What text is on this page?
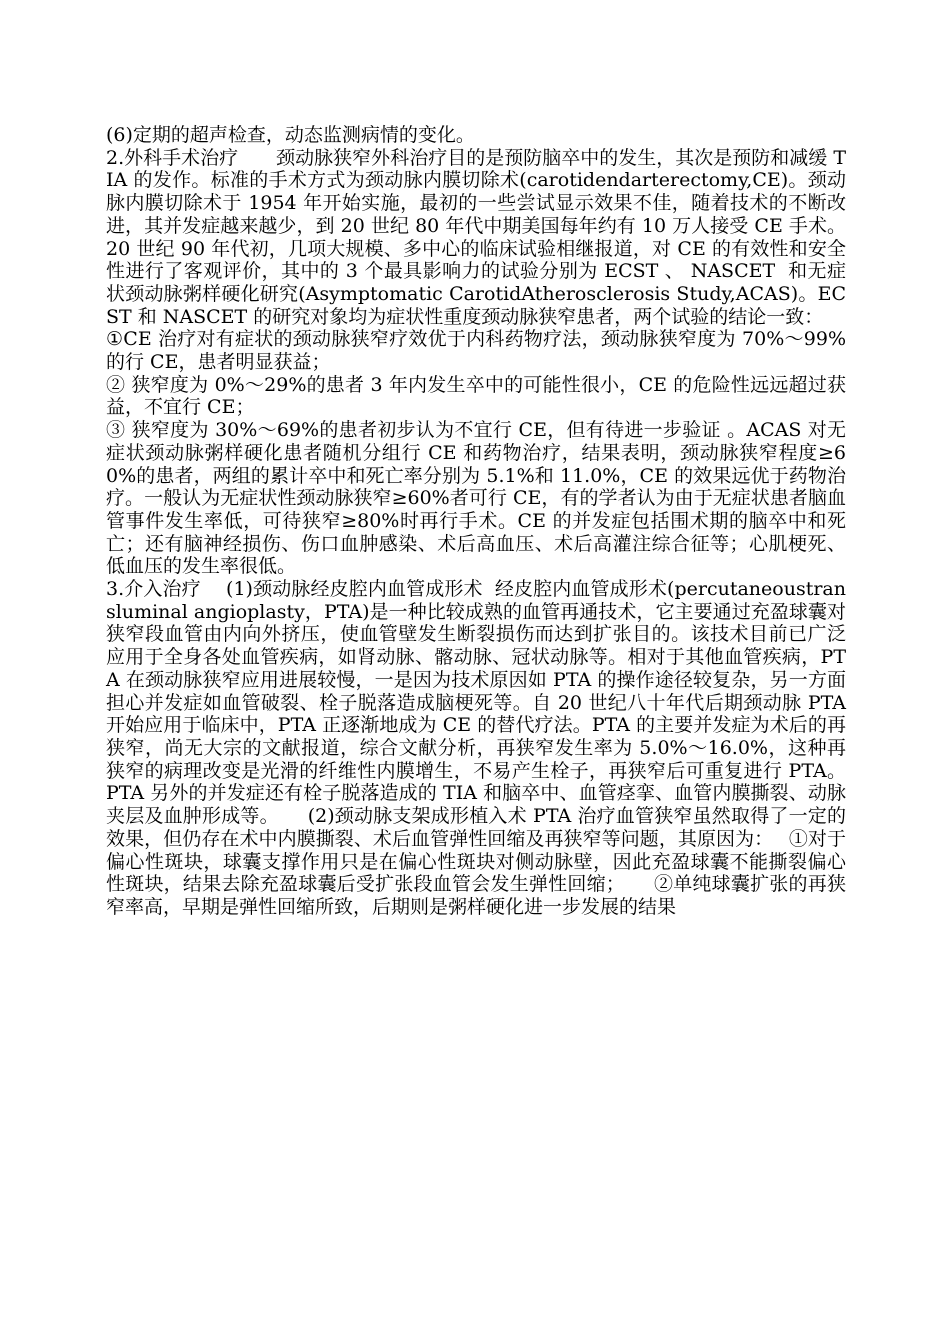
(6)定期的超声检查，动态监测病情的变化。

2.外科手术治疗　　颈动脉狭窄外科治疗目的是预防脑卒中的发生，其次是预防和减缓 TIA 的发作。标准的手术方式为颈动脉内膜切除术(carotidendarterectomy,CE)。颈动脉内膜切除术于 1954 年开始实施，最初的一些尝试显示效果不佳，随着技术的不断改进，其并发症越来越少，到 20 世纪 80 年代中期美国每年约有 10 万人接受 CE 手术。20 世纪 90 年代初，几项大规模、多中心的临床试验相继报道，对 CE 的有效性和安全性进行了客观评价，其中的 3 个最具影响力的试验分别为 ECST 、 NASCET  和无症状颈动脉粥样硬化研究(Asymptomatic CarotidAtherosclerosis Study,ACAS)。ECST 和 NASCET 的研究对象均为症状性重度颈动脉狭窄患者，两个试验的结论一致：

①CE 治疗对有症状的颈动脉狭窄疗效优于内科药物疗法，颈动脉狭窄度为 70%～99%的行 CE，患者明显获益；

② 狭窄度为 0%～29%的患者 3 年内发生卒中的可能性很小，CE 的危险性远远超过获益，不宜行 CE；

③ 狭窄度为 30%～69%的患者初步认为不宜行 CE，但有待进一步验证 。ACAS 对无症状颈动脉粥样硬化患者随机分组行 CE 和药物治疗，结果表明，颈动脉狭窄程度≥60%的患者，两组的累计卒中和死亡率分别为 5.1%和 11.0%，CE 的效果远优于药物治疗。一般认为无症状性颈动脉狭窄≥60%者可行 CE，有的学者认为由于无症状患者脑血管事件发生率低，可待狭窄≥80%时再行手术。CE 的并发症包括围术期的脑卒中和死亡；还有脑神经损伤、伤口血肿感染、术后高血压、术后高灌注综合征等；心肌梗死、低血压的发生率很低。

3.介入治疗　 (1)颈动脉经皮腔内血管成形术  经皮腔内血管成形术(percutaneoustransluminal angioplasty，PTA)是一种比较成熟的血管再通技术，它主要通过充盈球囊对狭窄段血管由内向外挤压，使血管壁发生断裂损伤而达到扩张目的。该技术目前已广泛应用于全身各处血管疾病，如肾动脉、髂动脉、冠状动脉等。相对于其他血管疾病，PTA 在颈动脉狭窄应用进展较慢，一是因为技术原因如 PTA 的操作途径较复杂，另一方面担心并发症如血管破裂、栓子脱落造成脑梗死等。自 20 世纪八十年代后期颈动脉 PTA 开始应用于临床中，PTA 正逐渐地成为 CE 的替代疗法。PTA 的主要并发症为术后的再狭窄，尚无大宗的文献报道，综合文献分析，再狭窄发生率为 5.0%～16.0%，这种再狭窄的病理改变是光滑的纤维性内膜增生，不易产生栓子，再狭窄后可重复进行 PTA。PTA 另外的并发症还有栓子脱落造成的 TIA 和脑卒中、血管痉挛、血管内膜撕裂、动脉夹层及血肿形成等。　　(2)颈动脉支架成形植入术 PTA 治疗血管狭窄虽然取得了一定的效果，但仍存在术中内膜撕裂、术后血管弹性回缩及再狭窄等问题，其原因为：　 ①对于偏心性斑块，球囊支撑作用只是在偏心性斑块对侧动脉壁，因此充盈球囊不能撕裂偏心性斑块，结果去除充盈球囊后受扩张段血管会发生弹性回缩；　　②单纯球囊扩张的再狭窄率高，早期是弹性回缩所致，后期则是粥样硬化进一步发展的结果
